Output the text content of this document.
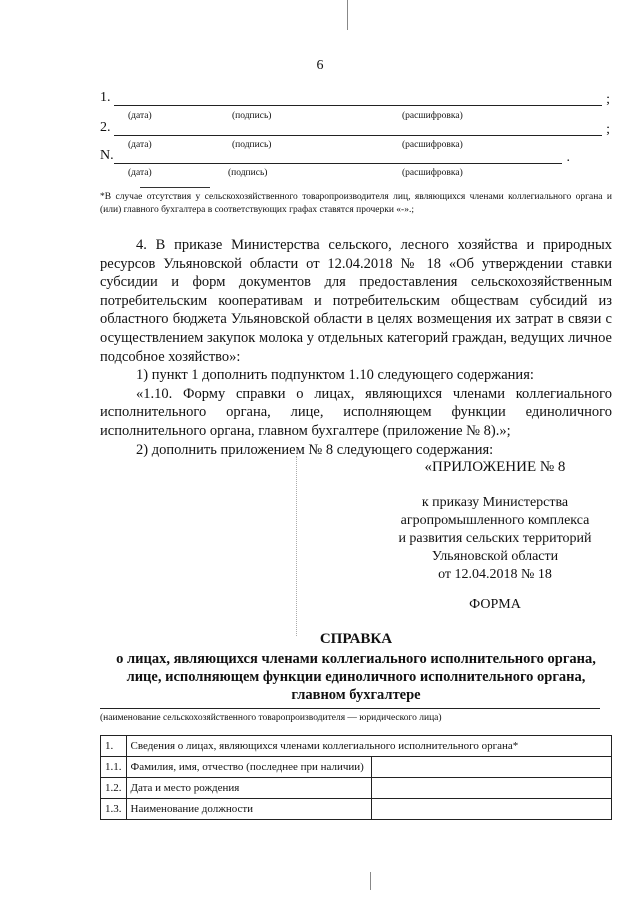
6
1.	;
(дата)	(подпись)	(расшифровка)
2.	;
(дата)	(подпись)	(расшифровка)
N.	.
(дата)	(подпись)	(расшифровка)
*В случае отсутствия у сельскохозяйственного товаропроизводителя лиц, являющихся членами коллегиального органа и (или) главного бухгалтера в соответствующих графах ставятся прочерки «-».;

4. В приказе Министерства сельского, лесного хозяйства и природных ресурсов Ульяновской области от 12.04.2018 № 18 «Об утверждении ставки субсидии и форм документов для предоставления сельскохозяйственным потребительским кооперативам и потребительским обществам субсидий из областного бюджета Ульяновской области в целях возмещения их затрат в связи с осуществлением закупок молока у отдельных категорий граждан, ведущих личное подсобное хозяйство»:

1) пункт 1 дополнить подпунктом 1.10 следующего содержания:

«1.10. Форму справки о лицах, являющихся членами коллегиального исполнительного органа, лице, исполняющем функции единоличного исполнительного органа, главном бухгалтере (приложение № 8).»;

2) дополнить приложением № 8 следующего содержания:

«ПРИЛОЖЕНИЕ № 8
к приказу Министерства
агропромышленного комплекса
и развития сельских территорий
Ульяновской области
от 12.04.2018 № 18
ФОРМА
СПРАВКА
о лицах, являющихся членами коллегиального исполнительного органа,
лице, исполняющем функции единоличного исполнительного органа,
главном бухгалтере
(наименование сельскохозяйственного товаропроизводителя — юридического лица)
1.	Сведения о лицах, являющихся членами коллегиального исполнительного органа*	
1.1.	Фамилия, имя, отчество (последнее при наличии)	
1.2.	Дата и место рождения	
1.3.	Наименование должности	
